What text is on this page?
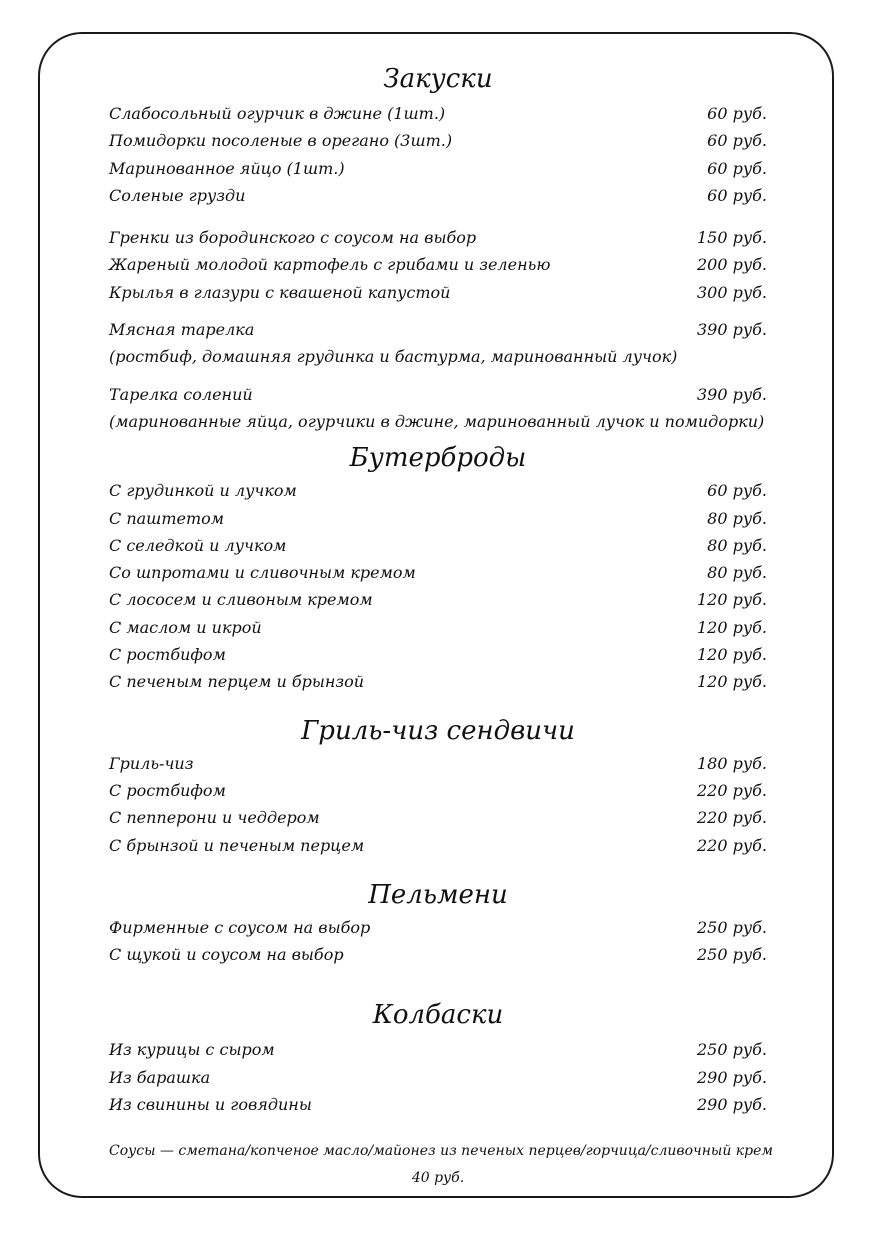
Закуски
Слабосольный огурчик в джине (1шт.)	60 руб.
Помидорки посоленые в орегано (3шт.)	60 руб.
Маринованное яйцо (1шт.)	60 руб.
Соленые грузди	60 руб.
Гренки из бородинского с соусом на выбор	150 руб.
Жареный молодой картофель с грибами и зеленью	200 руб.
Крылья в глазури с квашеной капустой	300 руб.
Мясная тарелка	390 руб.
(ростбиф, домашняя грудинка и бастурма, маринованный лучок)
Тарелка солений	390 руб.
(маринованные яйца, огурчики в джине, маринованный лучок и помидорки)
Бутерброды
С грудинкой и лучком	60 руб.
С паштетом	80 руб.
С селедкой и лучком	80 руб.
Со шпротами и сливочным кремом	80 руб.
С лососем и сливоным кремом	120 руб.
С маслом и икрой	120 руб.
С ростбифом	120 руб.
С печеным перцем и брынзой	120 руб.
Гриль-чиз сендвичи
Гриль-чиз	180 руб.
С ростбифом	220 руб.
С пепперони и чеддером	220 руб.
С брынзой и печеным перцем	220 руб.
Пельмени
Фирменные с соусом на выбор	250 руб.
С щукой и соусом на выбор	250 руб.
Колбаски
Из курицы с сыром	250 руб.
Из барашка	290 руб.
Из свинины и говядины	290 руб.
Соусы — сметана/копченое масло/майонез из печеных перцев/горчица/сливочный крем
40 руб.
